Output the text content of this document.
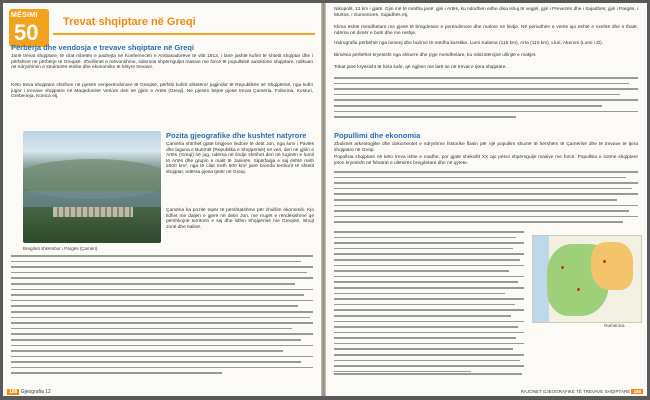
MËSIMI
50 Trevat shqiptare në Greqi
Përbërja dhe vendosja e trevave shqiptare në Greqi
Janë trevat shqiptare, të cilat mbetën e padrejta në Konferencën e Ambasadorëve të vitit 1913, i lanë jashtë kufirit të shtetit shqiptar dhe i përfshinë në përbërje të Greqisë. Zhvillimet e mëvonshme, sidomos shpërnguljet masive me forcë të popullsisë autoktone shqiptare, ndikuan në ndryshimin e strukturës etnike dhe ekonomike të këtyre trevave.
Këto treva shqiptare shtrihen në pjesën veriperëndimore të Greqisë, përfshi kufirit shtetëror jugjindor të Republikës së Shqipërisë, nga kufiri jugor i trevave shqiptare në Maqedoninë Veriore deri në gjirin e Artës (Greqi). Ne pjesën bëjnë pjesë trevat Çamëria, Follorina, Kosturi, Grebeneja, Konica etj.
Bregdeti shkëmbor i Pargës (Çamëri)
Pozita gjeografike dhe kushtet natyrore
Çamëria shtrihet gjatë brigjeve lindore të detit Jon, nga lumi i Pavlës dhe laguna e Butrintit (Republika e Shqipërisë) në veri, deri në gjirin e Artës (Greqi) në jug, ndërsa në lindje shtrihet deri në luginën e lumit të Artës dhe grupin e malit të Janinës. Sipërfaqja e saj është rreth 2500 km², nga të cilat rreth 500 km² janë brenda territorit të shtetit shqiptar, ndërsa pjesa tjetër në Greqi.
Çamëria ka pozitë tepër të përshtatshme për zhvillim ekonomik. Kjo lidhet me daljen e gjerë në detin Jon, me rrugët e rëndësishme që përshkojnë territorin e saj dhe lidhin Shqipërinë me Greqinë, Ishujt Jonë dhe Italinë.
188 Gjeografia 12
Nikopolit, 13 km i gjatë. Gjiri më të mëdha janë: gjiri i Artës, ku ndodhen edhe disa ishuj të vegjël, gjiri i Prevezës dhe i Sajadhës; gjiri i Pargës, i Murtos, i Gumenicës, Sajadhës etj.
Klima është mesdhetare me pjesë të bregdetare e perëndimore dhe malore në lindje. Në periudhën e verës ajo është e nxehtë dhe e thatë, ndërsa në dimër e butë dhe me reshje.
Hidrografia përbëhet nga lumenj dhe burime të mëdha karstike. Lumi Kalama (115 km), Arta (110 km), Lluri, Akeroni (Lumi i Zi).
Bimësia përbëhet kryesisht nga shkurre dhe pyje mesdhetare, ku mbizotërojnë ullinjtë e makjet.
Tokat janë kryesisht të hirta kafe, që ngjiten me larë se në trevat e tjera shqiptare.
Popullimi dhe ekonomia
Zbulimet arkeologjike dhe dokumentet e ndryshme historike flasin për një popullim shumë të hershëm të Çamërisë dhe të trevave të tjera shqiptare në Greqi.
Popullsia shqiptare në këto treva ishte e madhe, por gjatë shekullit XX ajo pësoi shpërngulje masive me forcë. Popullsia e sotme shqiptare jeton kryesisht në fshatrat e ultësirës bregdetare dhe në qytete.
Gumenica
RAJONET GJEOGRAFIKE TË TREVAVE SHQIPTARE 189
